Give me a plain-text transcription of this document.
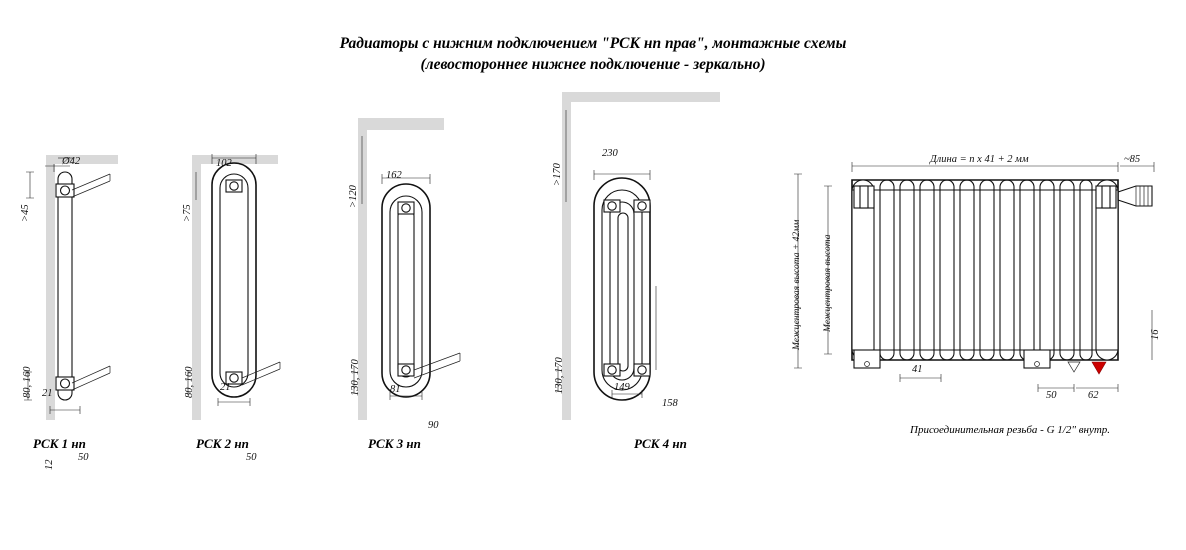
Радиаторы с нижним подключением "РСК нп прав", монтажные схемы
(левостороннее нижнее подключение - зеркально)
Ø42
>45
50
12
21
80, 160
РСК 1 нп
102
>75
50
21
80, 160
РСК 2 нп
162
>120
90
81
130, 170
РСК 3 нп
230
>170
158
149
130, 170
РСК 4 нп
Длина = n x 41 + 2 мм	~85
Межцентровая высота + 42мм Межцентровая высота
41
16
50	62
Присоединительная резьба - G 1/2" внутр.
